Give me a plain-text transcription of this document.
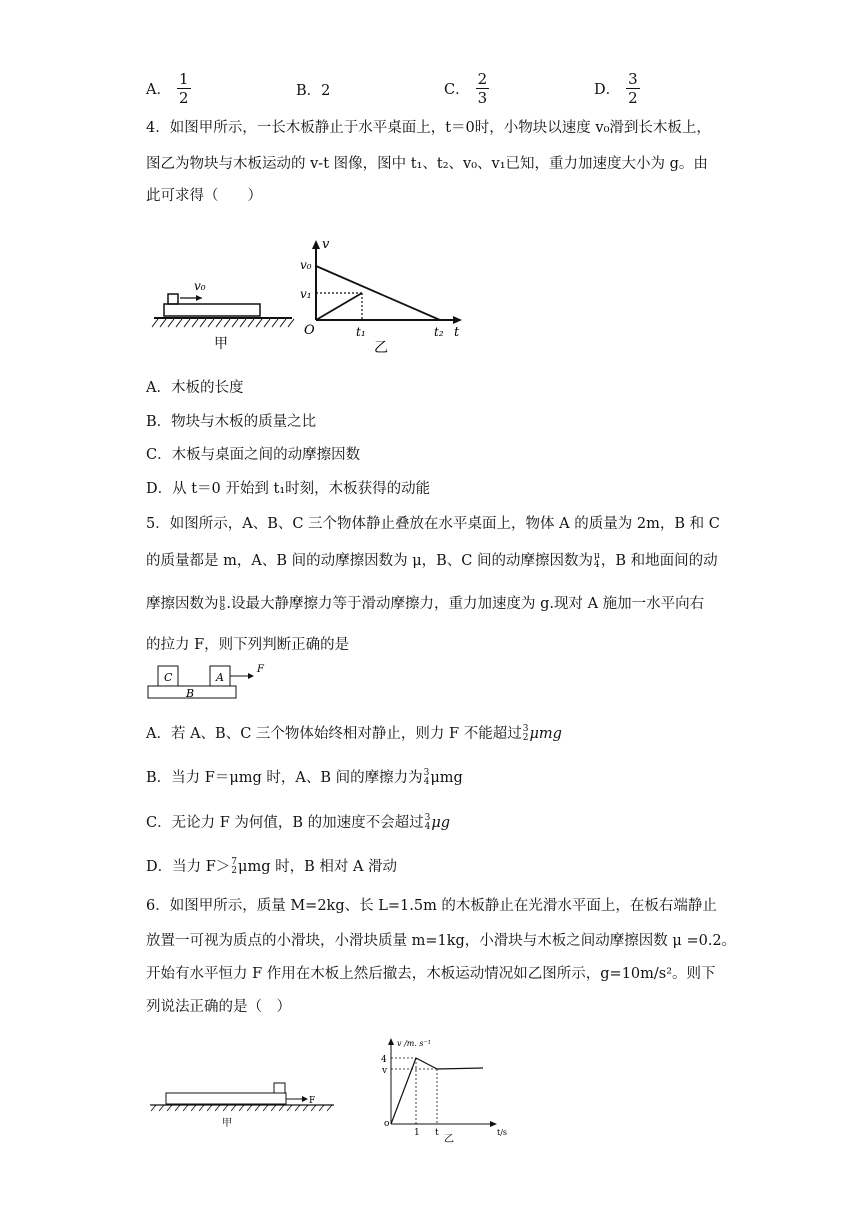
A． $\frac{1}{2}$	B．2	C． $\frac{2}{3}$	D． $\frac{3}{2}$
4．如图甲所示，一长木板静止于水平桌面上，t＝0时，小物块以速度 v₀滑到长木板上，
图乙为物块与木板运动的 v-t 图像，图中 t₁、t₂、v₀、v₁已知，重力加速度大小为 g。由
此可求得（　　）
v₀
甲
v
v₀
v₁
O	t₁	t₂ t
乙
A．木板的长度
B．物块与木板的质量之比
C．木板与桌面之间的动摩擦因数
D．从 t＝0 开始到 t₁时刻，木板获得的动能
5．如图所示，A、B、C 三个物体静止叠放在水平桌面上，物体 A 的质量为 2m，B 和 C
的质量都是 m，A、B 间的动摩擦因数为 μ，B、C 间的动摩擦因数为 μ
4 ，B 和地面间的动
摩擦因数为 μ
8 .设最大静摩擦力等于滑动摩擦力，重力加速度为 g.现对 A 施加一水平向右
的拉力 F，则下列判断正确的是
C	A
B
F
A．若 A、B、C 三个物体始终相对静止，则力 F 不能超过 3
2 μmg
B．当力 F＝μmg 时，A、B 间的摩擦力为 3
4 μmg
C．无论力 F 为何值，B 的加速度不会超过 3
4 μg
D．当力 F＞ 7
2 μmg 时，B 相对 A 滑动
6．如图甲所示，质量 M=2kg、长 L=1.5m 的木板静止在光滑水平面上，在板右端静止
放置一可视为质点的小滑块，小滑块质量 m=1kg，小滑块与木板之间动摩擦因数 μ =0.2。
开始有水平恒力 F 作用在木板上然后撤去，木板运动情况如乙图所示，g=10m/s²。则下
列说法正确的是（　）
F
甲
v /m. s⁻¹
4
v
o
1 t	t/s
乙
